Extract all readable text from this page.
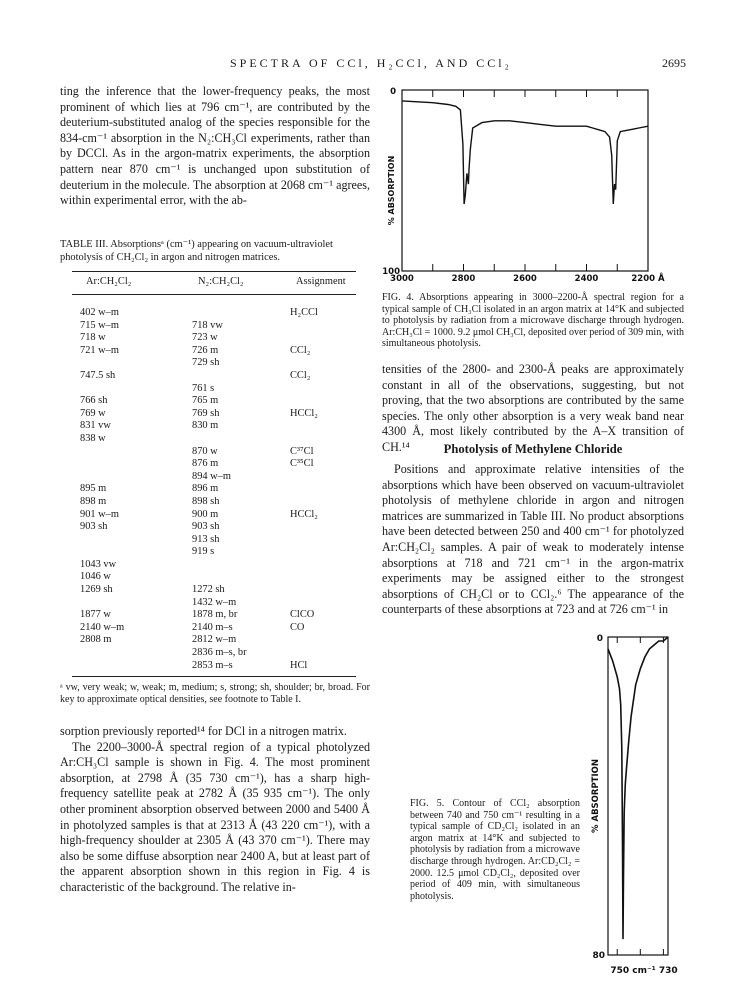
SPECTRA OF CCl, H₂CCl, AND CCl₂	2695

ting the inference that the lower-frequency peaks, the most prominent of which lies at 796 cm⁻¹, are contributed by the deuterium-substituted analog of the species responsible for the 834-cm⁻¹ absorption in the N₂:CH₃Cl experiments, rather than by DCCl. As in the argon-matrix experiments, the absorption pattern near 870 cm⁻¹ is unchanged upon substitution of deuterium in the molecule. The absorption at 2068 cm⁻¹ agrees, within experimental error, with the ab-

TABLE III. Absorptionsᵃ (cm⁻¹) appearing on vacuum-ultraviolet photolysis of CH₂Cl₂ in argon and nitrogen matrices.
Ar:CH₂Cl₂	N₂:CH₂Cl₂	Assignment
402 w–m		H₂CCl
715 w–m	718 vw	
718 w	723 w	
721 w–m	726 m	CCl₂
	729 sh	
747.5 sh		CCl₂
	761 s	
766 sh	765 m	
769 w	769 sh	HCCl₂
831 vw	830 m	
838 w		
	870 w	C³⁷Cl
	876 m	C³⁵Cl
	894 w–m	
895 m	896 m	
898 m	898 sh	
901 w–m	900 m	HCCl₂
903 sh	903 sh	
	913 sh	
	919 s	
1043 vw		
1046 w		
1269 sh	1272 sh	
	1432 w–m	
1877 w	1878 m, br	ClCO
2140 w–m	2140 m–s	CO
2808 m	2812 w–m	
	2836 m–s, br	
	2853 m–s	HCl
ᵃ vw, very weak; w, weak; m, medium; s, strong; sh, shoulder; br, broad. For key to approximate optical densities, see footnote to Table I.

sorption previously reported¹⁴ for DCl in a nitrogen matrix.

The 2200–3000-Å spectral region of a typical photolyzed Ar:CH₃Cl sample is shown in Fig. 4. The most prominent absorption, at 2798 Å (35 730 cm⁻¹), has a sharp high-frequency satellite peak at 2782 Å (35 935 cm⁻¹). The only other prominent absorption observed between 2000 and 5400 Å in photolyzed samples is that at 2313 Å (43 220 cm⁻¹), with a high-frequency shoulder at 2305 Å (43 370 cm⁻¹). There may also be some diffuse absorption near 2400 A, but at least part of the apparent absorption shown in this region in Fig. 4 is characteristic of the background. The relative in-

3000	2800	2600	2400	2200 Å
0
100
% ABSORPTION
FIG. 4. Absorptions appearing in 3000–2200-Å spectral region for a typical sample of CH₃Cl isolated in an argon matrix at 14°K and subjected to photolysis by radiation from a microwave discharge through hydrogen. Ar:CH₃Cl = 1000. 9.2 μmol CH₃Cl, deposited over period of 309 min, with simultaneous photolysis.

tensities of the 2800- and 2300-Å peaks are approximately constant in all of the observations, suggesting, but not proving, that the two absorptions are contributed by the same species. The only other absorption is a very weak band near 4300 Å, most likely contributed by the A–X transition of CH.¹⁴	Photolysis of Methylene Chloride

Positions and approximate relative intensities of the absorptions which have been observed on vacuum-ultraviolet photolysis of methylene chloride in argon and nitrogen matrices are summarized in Table III. No product absorptions have been detected between 250 and 400 cm⁻¹ for photolyzed Ar:CH₂Cl₂ samples. A pair of weak to moderately intense absorptions at 718 and 721 cm⁻¹ in the argon-matrix experiments may be assigned either to the strongest absorptions of CH₂Cl or to CCl₂.⁶ The appearance of the counterparts of these absorptions at 723 and at 726 cm⁻¹ in

FIG. 5. Contour of CCl₂ absorption between 740 and 750 cm⁻¹ resulting in a typical sample of CD₂Cl₂ isolated in an argon matrix at 14°K and subjected to photolysis by radiation from a microwave discharge through hydrogen. Ar:CD₂Cl₂ = 2000. 12.5 μmol CD₂Cl₂, deposited over period of 409 min, with simultaneous photolysis.
0
80
% ABSORPTION
750 cm⁻¹ 730
